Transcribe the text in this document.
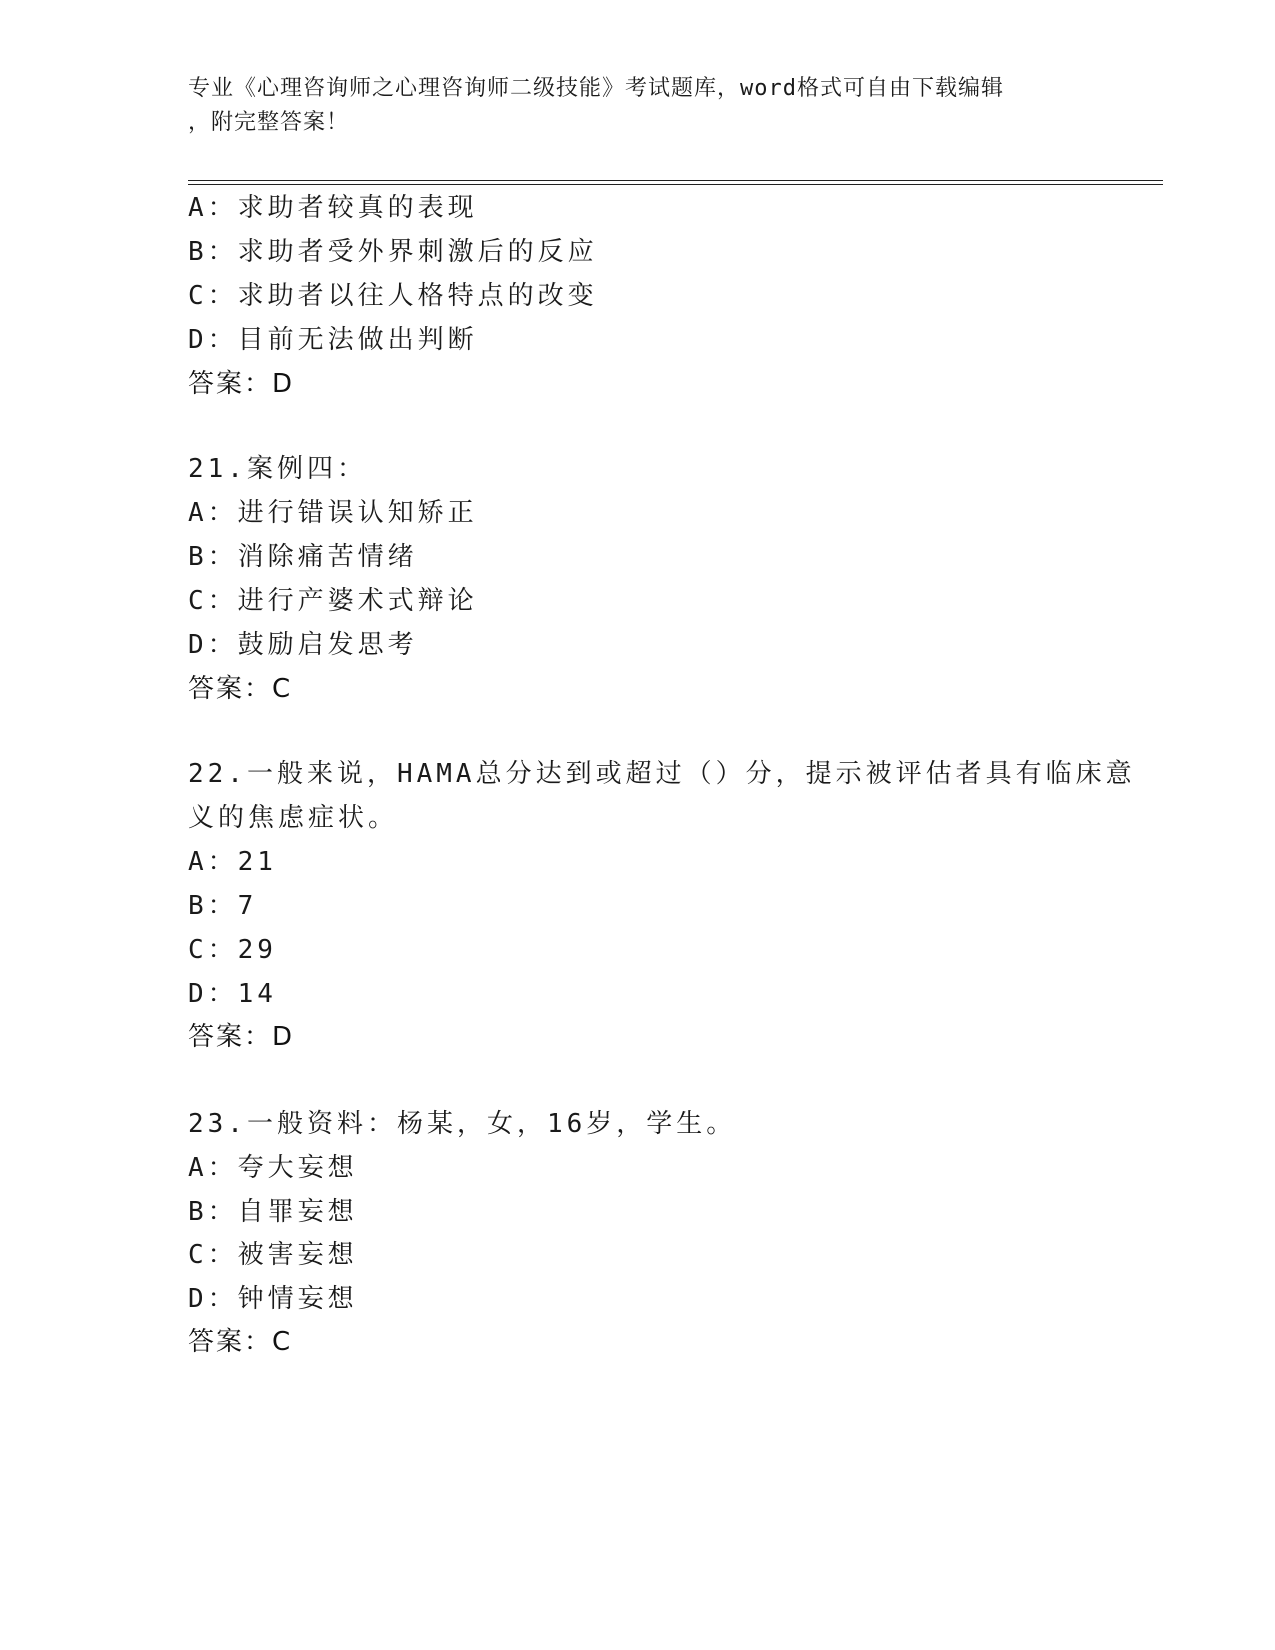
专业《心理咨询师之心理咨询师二级技能》考试题库，word格式可自由下载编辑
，附完整答案！
A：求助者较真的表现
B：求助者受外界刺激后的反应
C：求助者以往人格特点的改变
D：目前无法做出判断
答案：D
21.案例四：
A：进行错误认知矫正
B：消除痛苦情绪
C：进行产婆术式辩论
D：鼓励启发思考
答案：C
22.一般来说，HAMA总分达到或超过（）分，提示被评估者具有临床意
义的焦虑症状。
A：21
B：7
C：29
D：14
答案：D
23.一般资料：杨某，女，16岁，学生。
A：夸大妄想
B：自罪妄想
C：被害妄想
D：钟情妄想
答案：C
